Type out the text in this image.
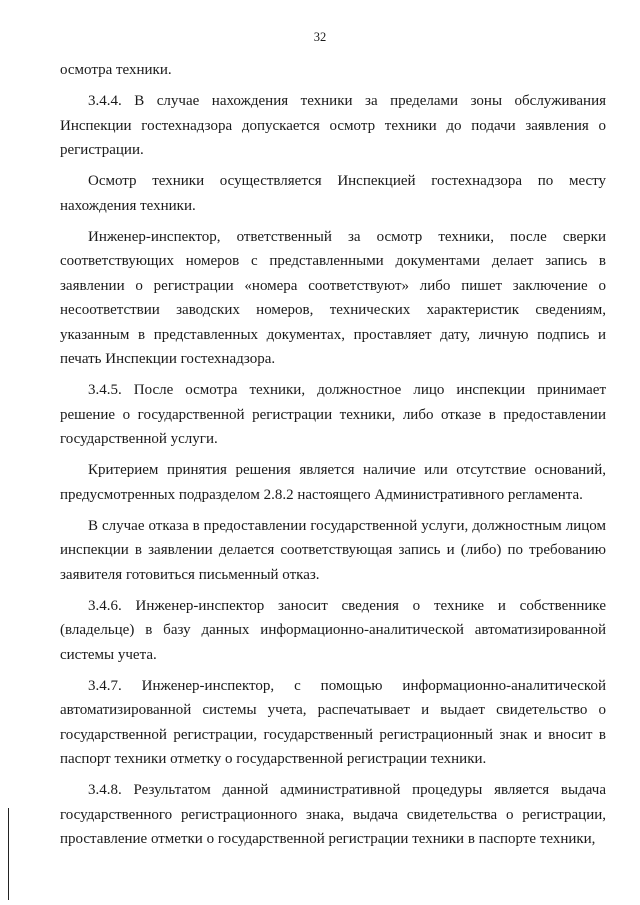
32

осмотра техники.

3.4.4. В случае нахождения техники за пределами зоны обслуживания Инспекции гостехнадзора допускается осмотр техники до подачи заявления о регистрации.

Осмотр техники осуществляется Инспекцией гостехнадзора по месту нахождения техники.

Инженер-инспектор, ответственный за осмотр техники, после сверки соответствующих номеров с представленными документами делает запись в заявлении о регистрации «номера соответствуют» либо пишет заключение о несоответствии заводских номеров, технических характеристик сведениям, указанным в представленных документах, проставляет дату, личную подпись и печать Инспекции гостехнадзора.

3.4.5. После осмотра техники, должностное лицо инспекции принимает решение о государственной регистрации техники, либо отказе в предоставлении государственной услуги.

Критерием принятия решения является наличие или отсутствие оснований, предусмотренных подразделом 2.8.2 настоящего Административного регламента.

В случае отказа в предоставлении государственной услуги, должностным лицом инспекции в заявлении делается соответствующая запись и (либо) по требованию заявителя готовиться письменный отказ.

3.4.6. Инженер-инспектор заносит сведения о технике и собственнике (владельце) в базу данных информационно-аналитической автоматизированной системы учета.

3.4.7. Инженер-инспектор, с помощью информационно-аналитической автоматизированной системы учета, распечатывает и выдает свидетельство о государственной регистрации, государственный регистрационный знак и вносит в паспорт техники отметку о государственной регистрации техники.

3.4.8. Результатом данной административной процедуры является выдача государственного регистрационного знака, выдача свидетельства о регистрации, проставление отметки о государственной регистрации техники в паспорте техники,
